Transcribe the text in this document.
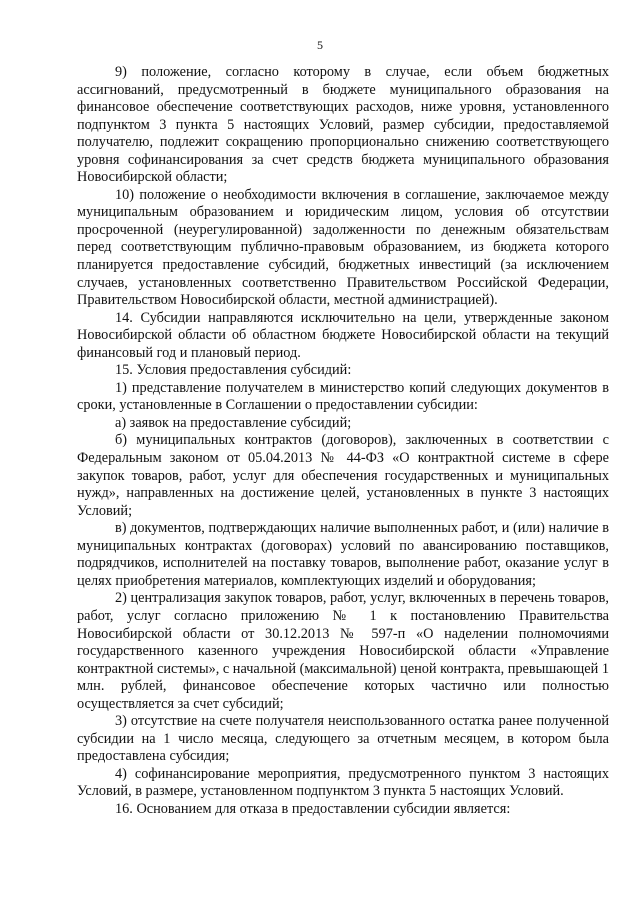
5

9) положение, согласно которому в случае, если объем бюджетных ассигнований, предусмотренный в бюджете муниципального образования на финансовое обеспечение соответствующих расходов, ниже уровня, установленного подпунктом 3 пункта 5 настоящих Условий, размер субсидии, предоставляемой получателю, подлежит сокращению пропорционально снижению соответствующего уровня софинансирования за счет средств бюджета муниципального образования Новосибирской области;

10) положение о необходимости включения в соглашение, заключаемое между муниципальным образованием и юридическим лицом, условия об отсутствии просроченной (неурегулированной) задолженности по денежным обязательствам перед соответствующим публично-правовым образованием, из бюджета которого планируется предоставление субсидий, бюджетных инвестиций (за исключением случаев, установленных соответственно Правительством Российской Федерации, Правительством Новосибирской области, местной администрацией).

14. Субсидии направляются исключительно на цели, утвержденные законом Новосибирской области об областном бюджете Новосибирской области на текущий финансовый год и плановый период.

15. Условия предоставления субсидий:

1) представление получателем в министерство копий следующих документов в сроки, установленные в Соглашении о предоставлении субсидии:

а) заявок на предоставление субсидий;

б) муниципальных контрактов (договоров), заключенных в соответствии с Федеральным законом от 05.04.2013 № 44-ФЗ «О контрактной системе в сфере закупок товаров, работ, услуг для обеспечения государственных и муниципальных нужд», направленных на достижение целей, установленных в пункте 3 настоящих Условий;

в) документов, подтверждающих наличие выполненных работ, и (или) наличие в муниципальных контрактах (договорах) условий по авансированию поставщиков, подрядчиков, исполнителей на поставку товаров, выполнение работ, оказание услуг в целях приобретения материалов, комплектующих изделий и оборудования;

2) централизация закупок товаров, работ, услуг, включенных в перечень товаров, работ, услуг согласно приложению № 1 к постановлению Правительства Новосибирской области от 30.12.2013 № 597-п «О наделении полномочиями государственного казенного учреждения Новосибирской области «Управление контрактной системы», с начальной (максимальной) ценой контракта, превышающей 1 млн. рублей, финансовое обеспечение которых частично или полностью осуществляется за счет субсидий;

3) отсутствие на счете получателя неиспользованного остатка ранее полученной субсидии на 1 число месяца, следующего за отчетным месяцем, в котором была предоставлена субсидия;

4) софинансирование мероприятия, предусмотренного пунктом 3 настоящих Условий, в размере, установленном подпунктом 3 пункта 5 настоящих Условий.

16. Основанием для отказа в предоставлении субсидии является:
